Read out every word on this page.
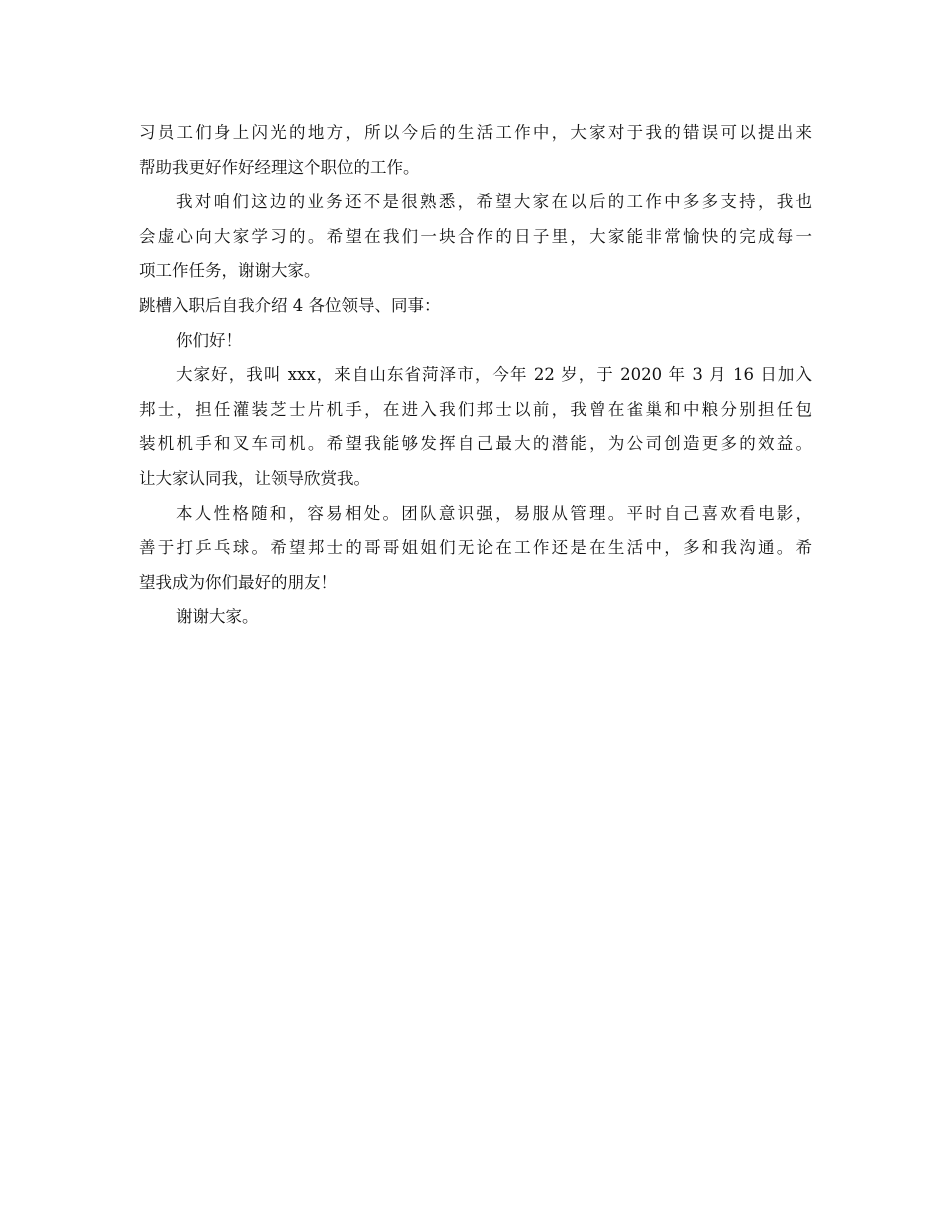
习员工们身上闪光的地方，所以今后的生活工作中，大家对于我的错误可以提出来
帮助我更好作好经理这个职位的工作。
我对咱们这边的业务还不是很熟悉，希望大家在以后的工作中多多支持，我也
会虚心向大家学习的。希望在我们一块合作的日子里，大家能非常愉快的完成每一
项工作任务，谢谢大家。
跳槽入职后自我介绍 4 各位领导、同事：
你们好！
大家好，我叫 xxx，来自山东省菏泽市，今年 22 岁，于 2020 年 3 月 16 日加入
邦士，担任灌装芝士片机手，在进入我们邦士以前，我曾在雀巢和中粮分别担任包
装机机手和叉车司机。希望我能够发挥自己最大的潜能，为公司创造更多的效益。
让大家认同我，让领导欣赏我。
本人性格随和，容易相处。团队意识强，易服从管理。平时自己喜欢看电影，
善于打乒乓球。希望邦士的哥哥姐姐们无论在工作还是在生活中，多和我沟通。希
望我成为你们最好的朋友！
谢谢大家。
